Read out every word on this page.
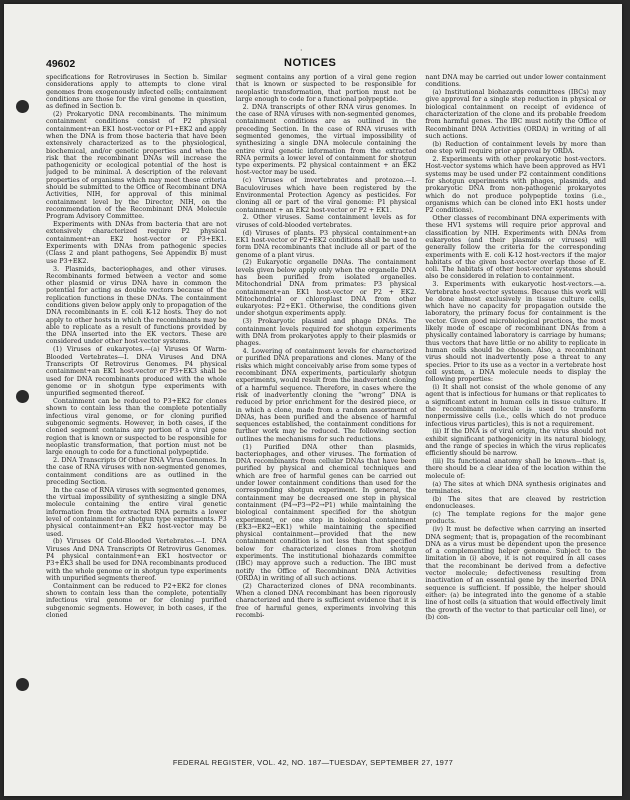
·
49602	NOTICES

specifications for Retroviruses in Section b. Similar considerations apply to attempts to clone viral genomes from exogenously infected cells; containment conditions are those for the viral genome in question, as defined in Section b.

(2) Prokaryotic DNA recombinants. The minimum containment conditions consist of P2 physical containment+an EK1 host-vector or P1+EK2 and apply when the DNA is from those bacteria that have been extensively characterized as to the physiological, biochemical, and/or genetic properties and when the risk that the recombinant DNAs will increase the pathogenicity or ecological potential of the host is judged to be minimal. A description of the relevant properties of organisms which may meet these criteria should be submitted to the Office of Recombinant DNA Activities, NIH, for approval of this minimal containment level by the Director, NIH, on the recommendation of the Recombinant DNA Molecule Program Advisory Committee.

Experiments with DNAs from bacteria that are not extensively characterized require P2 physical containment+an EK2 host-vector or P3+EK1. Experiments with DNAs from pathogenic species (Class 2 and plant pathogens, See Appendix B) must use P3+EK2.

3. Plasmids, bacteriophages, and other viruses. Recombinants formed between a vector and some other plasmid or virus DNA have in common the potential for acting as double vectors because of the replication functions in these DNAs. The containment conditions given below apply only to propagation of the DNA recombinants in E. coli K-12 hosts. They do not apply to other hosts in which the recombinants may be able to replicate as a result of functions provided by the DNA inserted into the EK vectors. These are considered under other host-vector systems.

(1) Viruses of eukaryotes.—(a) Viruses Of Warm-Blooded Vertebrates—I. DNA Viruses And DNA Transcripts Of Retrovirus Genomes. P4 physical containment+an EK1 host-vector or P3+EK3 shall be used for DNA recombinants produced with the whole genome or in shotgun type experiments with unpurified segmented thereof.

Containment can be reduced to P3+EK2 for clones shown to contain less than the complete potentially infectious viral genome, or for cloning purified subgenomic segments. However, in both cases, if the cloned segment contains any portion of a viral gene region that is known or suspected to be responsible for neoplastic transformation, that portion must not be large enough to code for a functional polypeptide.

2. DNA Transcripts Of Other RNA Virus Genomes. In the case of RNA viruses with non-segmented genomes, containment conditions are as outlined in the preceding Section.

In the case of RNA viruses with segmented genomes, the virtual impossibility of synthesizing a single DNA molecule containing the entire viral genetic information from the extracted RNA permits a lower level of containment for shotgun type experiments. P3 physical containment+an EK2 host-vector may be used.

(b) Viruses Of Cold-Blooded Vertebrates.—I. DNA Viruses And DNA Transcripts Of Retrovirus Genomes. P4 physical containment+an EK1 hostvector or P3+EK3 shall be used for DNA recombinants produced with the whole genome or in shotgun type experiments with unpurified segments thereof.

Containment can be reduced to P2+EK2 for clones shown to contain less than the complete, potentially infectious viral genome or for cloning purified subgenomic segments. However, in both cases, if the cloned

segment contains any portion of a viral gene region that is known or suspected to be responsible for neoplastic transformation, that portion must not be large enough to code for a functional polypeptide.

2. DNA transcripts of other RNA virus genomes. In the case of RNA viruses with non-segmented genomes, containment conditions are as outlined in the preceding Section. In the case of RNA viruses with segmented genomes, the virtual impossibility of synthesizing a single DNA molecule containing the entire viral genetic information from the extracted RNA permits a lower level of containment for shotgun type experiments. P2 physical containment + an EK2 host-vector may be used.

(c) Viruses of invertebrates and protozoa.—I. Baculoviruses which have been registered by the Environmental Protection Agency as pesticides. For cloning all or part of the viral genome: P1 physical containment + an EK2 host-vector or P2 + EK1.

2. Other viruses. Same containment levels as for viruses of cold-blooded vertebrates.

(d) Viruses of plants. P3 physical containment+an EK1 host-vector or P2+EK2 conditions shall be used to form DNA recombinants that include all or part of the genome of a plant virus.

(2) Eukaryotic organelle DNAs. The containment levels given below apply only when the organelle DNA has been purified from isolated organelles. Mitochondrial DNA from primates: P3 physical containment+an EK1 host-vector or P2 + EK2. Mitochondrial or chloroplast DNA from other eukaryotes: P2+EK1. Otherwise, the conditions given under shotgun experiments apply.

(3) Prokaryotic plasmid and phage DNAs. The containment levels required for shotgun experiments with DNA from prokaryotes apply to their plasmids or phages.

4. Lowering of containment levels for characterized or purified DNA preparations and clones. Many of the risks which might conceivably arise from some types of recombinant DNA experiments, particularly shotgun experiments, would result from the inadvertent cloning of a harmful sequence. Therefore, in cases where the risk of inadvertently cloning the “wrong” DNA is reduced by prior enrichment for the desired piece, or in which a clone, made from a random assortment of DNAs, has been purified and the absence of harmful sequences established, the containment conditions for further work may be reduced. The following section outlines the mechanisms for such reductions.

(1) Purified DNA other than plasmids, bacteriophages, and other viruses. The formation of DNA recombinants from cellular DNAs that have been purified by physical and chemical techniques and which are free of harmful genes can be carried out under lower containment conditions than used for the corresponding shotgun experiment. In general, the containment may be decreased one step in physical containment (P4→P3→P2→P1) while maintaining the biological containment specified for the shotgun experiment, or one step in biological containment (EK3→EK2→EK1) while maintaining the specified physical containment—provided that the new containment condition is not less than that specified below for characterized clones from shotgun experiments. The institutional biohazards committee (IBC) may approve such a reduction. The IBC must notify the Office of Recombinant DNA Activities (ORDA) in writing of all such actions.

(2) Characterized clones of DNA recombinants. When a cloned DNA recombinant has been rigorously characterized and there is sufficient evidence that it is free of harmful genes, experiments involving this recombi-

nant DNA may be carried out under lower containment conditions.

(a) Institutional biohazards committees (IBCs) may give approval for a single step reduction in physical or biological containment on receipt of evidence of characterization of the clone and its probable freedom from harmful genes. The IBC must notify the Office of Recombinant DNA Activities (ORDA) in writing of all such actions.

(b) Reduction of containment levels by more than one step will require prior approval by ORDA.

2. Experiments with other prokaryotic host-vectors. Host-vector systems which have been approved as HV1 systems may be used under P2 containment conditions for shotgun experiments with phages, plasmids, and prokaryotic DNA from non-pathogenic prokaryotes which do not produce polypeptide toxins (i.e., organisms which can be cloned into EK1 hosts under P2 conditions).

Other classes of recombinant DNA experiments with these HV1 systems will require prior approval and classification by NIH. Experiments with DNAs from eukaryotes (and their plasmids or viruses) will generally follow the criteria for the corresponding experiments with E. coli K-12 host-vectors if the major habitats of the given host-vector overlap those of E. coli. The habitats of other host-vector systems should also be considered in relation to containment.

3. Experiments with eukaryotic host-vectors.—a. Vertebrate host-vector systems. Because this work will be done almost exclusively in tissue culture cells, which have no capacity for propagation outside the laboratory, the primary focus for containment is the vector. Given good microbiological practices, the most likely mode of escape of recombinant DNAs from a physically contained laboratory is carriage by humans; thus vectors that have little or no ability to replicate in human cells should be chosen. Also, a recombinant virus should not inadvertently pose a threat to any species. Prior to its use as a vector in a vertebrate host cell system, a DNA molecule needs to display the following properties:

(i) It shall not consist of the whole genome of any agent that is infectious for humans or that replicates to a significant extent in human cells in tissue culture. If the recombinant molecule is used to transform nonpermissive cells (i.e., cells which do not produce infectious virus particles), this is not a requirement.

(ii) If the DNA is of viral origin, the virus should not exhibit significant pathogenicity in its natural biology, and the range of species in which the virus replicates efficiently should be narrow.

(iii) Its functional anatomy shall be known—that is, there should be a clear idea of the location within the molecule of:

(a) The sites at which DNA synthesis originates and terminates.

(b) The sites that are cleaved by restriction endonucleases.

(c) The template regions for the major gene products.

(iv) It must be defective when carrying an inserted DNA segment; that is, propagation of the recombinant DNA as a virus must be dependent upon the presence of a complementing helper genome. Subject to the limitation in (i) above, it is not required in all cases that the recombinant be derived from a defective vector molecule; defectiveness resulting from inactivation of an essential gene by the inserted DNA sequence is sufficient. If possible, the helper should either: (a) be integrated into the genome of a stable line of host cells (a situation that would effectively limit the growth of the vector to that particular cell line), or (b) con-

FEDERAL REGISTER, VOL. 42, NO. 187—TUESDAY, SEPTEMBER 27, 1977
